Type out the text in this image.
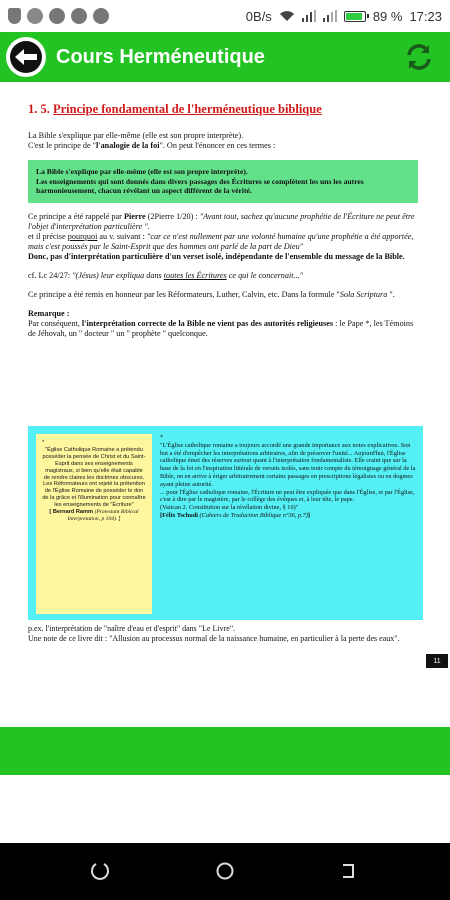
0B/s	89 % 17:23
Cours Herméneutique
1. 5. Principe fondamental de l'herméneutique biblique

La Bible s'explique par elle-même (elle est son propre interprète).
C'est le principe de "l'analogie de la foi". On peut l'énoncer en ces termes :

La Bible s'explique par elle-même (elle est son propre interprète).
Les enseignements qui sont donnés dans divers passages des Écritures se complètent les uns les autres harmonieusement, chacun révélant un aspect différent de la vérité.

Ce principe a été rappelé par Pierre (2Pierre 1/20) : "Avant tout, sachez qu'aucune prophétie de l'Écriture ne peut être l'objet d'interprétation particulière ".
et il précise pourquoi au v. suivant : "car ce n'est nullement par une volonté humaine qu'une prophétie a été apportée, mais c'est poussés par le Saint-Esprit que des hommes ont parlé de la part de Dieu"
Donc, pas d'interprétation particulière d'un verset isolé, indépendante de l'ensemble du message de la Bible.

cf. Lc 24/27: "(Jésus) leur expliqua dans toutes les Écritures ce qui le concernait..."

Ce principe a été remis en honneur par les Réformateurs, Luther, Calvin, etc. Dans la formule "Sola Scriptura ".

Remarque :
Par conséquent, l'interprétation correcte de la Bible ne vient pas des autorités religieuses : le Pape *, les Témoins de Jéhovah, un " docteur " un " prophète " quelconque.

*
"Église Catholique Romaine a prétendu posséder la pensée de Christ et du Saint-Esprit dans ses enseignements magistraux, si bien qu'elle était capable de rendre claires les doctrines obscures. Les Réformateurs ont rejeté la prétention de l'Église Romaine de posséder le don de la grâce et l'illumination pour connaître les enseignements de "Écriture"
[ Bernard Ramm (Protestant Biblical Interpretation, p 104). ]
*
"L'Église catholique romaine a toujours accordé une grande importance aux notes explicatives. Son but a été d'empêcher les interprétations arbitraires, afin de préserver l'unité... Aujourd'hui, l'Église catholique émet des réserves surtout quant à l'interprétation fondamentaliste. Elle craint que sur la base de la foi en l'inspiration littérale de versets isolés, sans tenir compte du témoignage général de la Bible, on en arrive à ériger arbitrairement certains passages en prescriptions légalistes ou en dogmes ayant pleine autorité.
... pour l'Église catholique romaine, l'Écriture ne peut être expliquée que dans l'Église, et par l'Église, c'est à dire par le magistère, par le collège des évêques et, à leur tête, le pape.
(Vatican 2. Constitution sur la révélation divine, § 10)"
[Félix Tschudi (Cahiers de Traduction Biblique n°36, p.7)]
p.ex. l'interprétation de "naître d'eau et d'esprit" dans "Le Livre".
Une note de ce livre dit : "Allusion au processus normal de la naissance humaine, en particulier à la perte des eaux".
11
